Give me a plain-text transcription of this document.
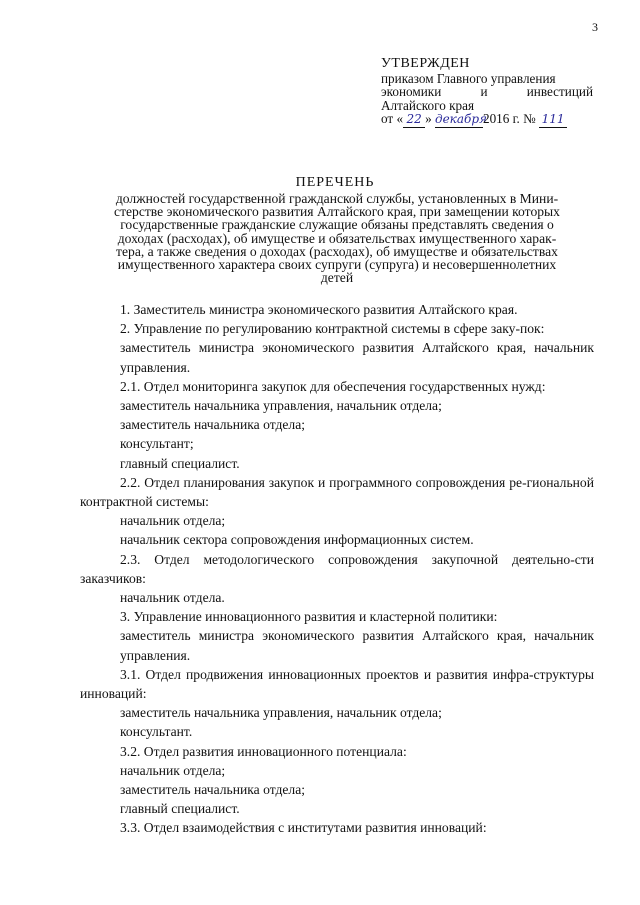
3
УТВЕРЖДЕН
приказом Главного управления
экономики	и	инвестиций
Алтайского края
от « 22 » декабря2016 г. № 111
ПЕРЕЧЕНЬ
должностей государственной гражданской службы, установленных в Мини-
стерстве экономического развития Алтайского края, при замещении которых
государственные гражданские служащие обязаны представлять сведения о
доходах (расходах), об имуществе и обязательствах имущественного харак-
тера, а также сведения о доходах (расходах), об имуществе и обязательствах
имущественного характера своих супруги (супруга) и несовершеннолетних
детей

1. Заместитель министра экономического развития Алтайского края.

2. Управление по регулированию контрактной системы в сфере заку-пок:

заместитель министра экономического развития Алтайского края, начальник управления.

2.1. Отдел мониторинга закупок для обеспечения государственных нужд:

заместитель начальника управления, начальник отдела;

заместитель начальника отдела;

консультант;

главный специалист.

2.2. Отдел планирования закупок и программного сопровождения ре-гиональной контрактной системы:

начальник отдела;

начальник сектора сопровождения информационных систем.

2.3. Отдел методологического сопровождения закупочной деятельно-сти заказчиков:

начальник отдела.

3. Управление инновационного развития и кластерной политики:

заместитель министра экономического развития Алтайского края, начальник управления.

3.1. Отдел продвижения инновационных проектов и развития инфра-структуры инноваций:

заместитель начальника управления, начальник отдела;

консультант.

3.2. Отдел развития инновационного потенциала:

начальник отдела;

заместитель начальника отдела;

главный специалист.

3.3. Отдел взаимодействия с институтами развития инноваций:
